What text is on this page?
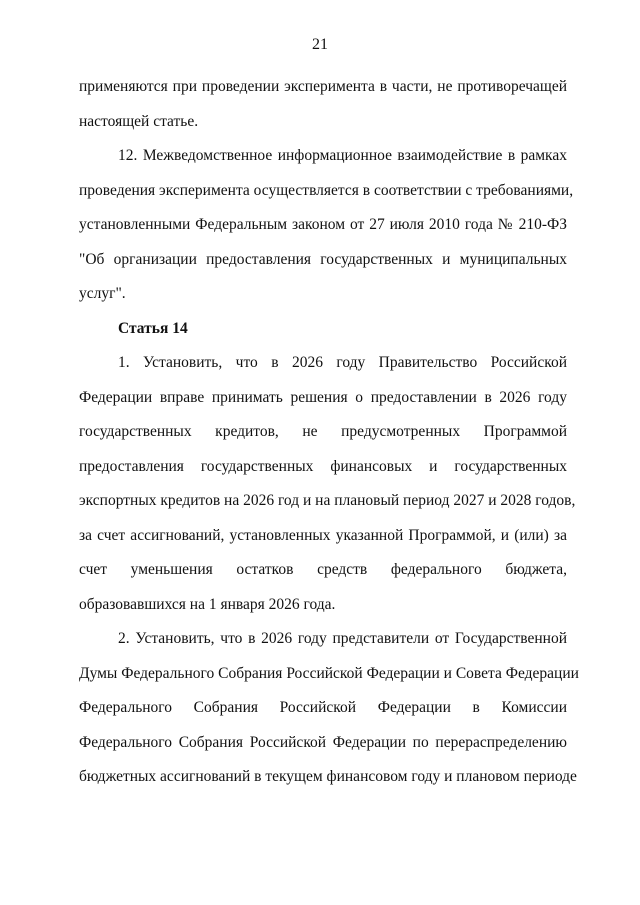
21
применяются при проведении эксперимента в части, не противоречащей
настоящей статье.
12. Межведомственное информационное взаимодействие в рамках
проведения эксперимента осуществляется в соответствии с требованиями,
установленными Федеральным законом от 27 июля 2010 года № 210-ФЗ
"Об организации предоставления государственных и муниципальных
услуг".
Статья 14
1. Установить, что в 2026 году Правительство Российской
Федерации вправе принимать решения о предоставлении в 2026 году
государственных кредитов, не предусмотренных Программой
предоставления государственных финансовых и государственных
экспортных кредитов на 2026 год и на плановый период 2027 и 2028 годов,
за счет ассигнований, установленных указанной Программой, и (или) за
счет уменьшения остатков средств федерального бюджета,
образовавшихся на 1 января 2026 года.
2. Установить, что в 2026 году представители от Государственной
Думы Федерального Собрания Российской Федерации и Совета Федерации
Федерального Собрания Российской Федерации в Комиссии
Федерального Собрания Российской Федерации по перераспределению
бюджетных ассигнований в текущем финансовом году и плановом периоде
